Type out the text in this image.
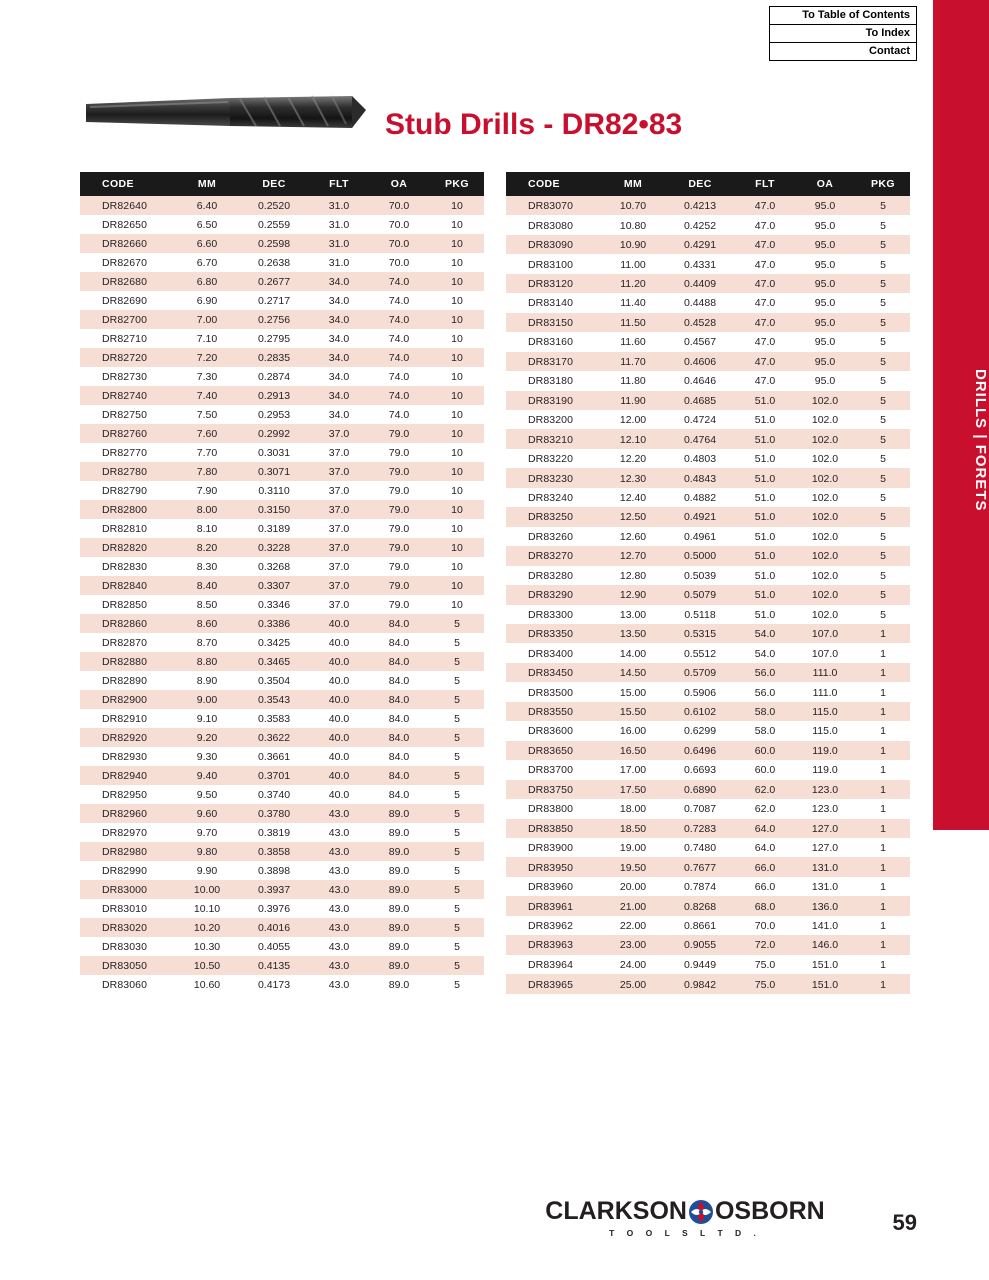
DRILLS | FORETS
To Table of Contents
To Index
Contact
Stub Drills - DR82•83
CODE	MM	DEC	FLT	OA	PKG
DR82640	6.40	0.2520	31.0	70.0	10
DR82650	6.50	0.2559	31.0	70.0	10
DR82660	6.60	0.2598	31.0	70.0	10
DR82670	6.70	0.2638	31.0	70.0	10
DR82680	6.80	0.2677	34.0	74.0	10
DR82690	6.90	0.2717	34.0	74.0	10
DR82700	7.00	0.2756	34.0	74.0	10
DR82710	7.10	0.2795	34.0	74.0	10
DR82720	7.20	0.2835	34.0	74.0	10
DR82730	7.30	0.2874	34.0	74.0	10
DR82740	7.40	0.2913	34.0	74.0	10
DR82750	7.50	0.2953	34.0	74.0	10
DR82760	7.60	0.2992	37.0	79.0	10
DR82770	7.70	0.3031	37.0	79.0	10
DR82780	7.80	0.3071	37.0	79.0	10
DR82790	7.90	0.3110	37.0	79.0	10
DR82800	8.00	0.3150	37.0	79.0	10
DR82810	8.10	0.3189	37.0	79.0	10
DR82820	8.20	0.3228	37.0	79.0	10
DR82830	8.30	0.3268	37.0	79.0	10
DR82840	8.40	0.3307	37.0	79.0	10
DR82850	8.50	0.3346	37.0	79.0	10
DR82860	8.60	0.3386	40.0	84.0	5
DR82870	8.70	0.3425	40.0	84.0	5
DR82880	8.80	0.3465	40.0	84.0	5
DR82890	8.90	0.3504	40.0	84.0	5
DR82900	9.00	0.3543	40.0	84.0	5
DR82910	9.10	0.3583	40.0	84.0	5
DR82920	9.20	0.3622	40.0	84.0	5
DR82930	9.30	0.3661	40.0	84.0	5
DR82940	9.40	0.3701	40.0	84.0	5
DR82950	9.50	0.3740	40.0	84.0	5
DR82960	9.60	0.3780	43.0	89.0	5
DR82970	9.70	0.3819	43.0	89.0	5
DR82980	9.80	0.3858	43.0	89.0	5
DR82990	9.90	0.3898	43.0	89.0	5
DR83000	10.00	0.3937	43.0	89.0	5
DR83010	10.10	0.3976	43.0	89.0	5
DR83020	10.20	0.4016	43.0	89.0	5
DR83030	10.30	0.4055	43.0	89.0	5
DR83050	10.50	0.4135	43.0	89.0	5
DR83060	10.60	0.4173	43.0	89.0	5
CODE	MM	DEC	FLT	OA	PKG
DR83070	10.70	0.4213	47.0	95.0	5
DR83080	10.80	0.4252	47.0	95.0	5
DR83090	10.90	0.4291	47.0	95.0	5
DR83100	11.00	0.4331	47.0	95.0	5
DR83120	11.20	0.4409	47.0	95.0	5
DR83140	11.40	0.4488	47.0	95.0	5
DR83150	11.50	0.4528	47.0	95.0	5
DR83160	11.60	0.4567	47.0	95.0	5
DR83170	11.70	0.4606	47.0	95.0	5
DR83180	11.80	0.4646	47.0	95.0	5
DR83190	11.90	0.4685	51.0	102.0	5
DR83200	12.00	0.4724	51.0	102.0	5
DR83210	12.10	0.4764	51.0	102.0	5
DR83220	12.20	0.4803	51.0	102.0	5
DR83230	12.30	0.4843	51.0	102.0	5
DR83240	12.40	0.4882	51.0	102.0	5
DR83250	12.50	0.4921	51.0	102.0	5
DR83260	12.60	0.4961	51.0	102.0	5
DR83270	12.70	0.5000	51.0	102.0	5
DR83280	12.80	0.5039	51.0	102.0	5
DR83290	12.90	0.5079	51.0	102.0	5
DR83300	13.00	0.5118	51.0	102.0	5
DR83350	13.50	0.5315	54.0	107.0	1
DR83400	14.00	0.5512	54.0	107.0	1
DR83450	14.50	0.5709	56.0	111.0	1
DR83500	15.00	0.5906	56.0	111.0	1
DR83550	15.50	0.6102	58.0	115.0	1
DR83600	16.00	0.6299	58.0	115.0	1
DR83650	16.50	0.6496	60.0	119.0	1
DR83700	17.00	0.6693	60.0	119.0	1
DR83750	17.50	0.6890	62.0	123.0	1
DR83800	18.00	0.7087	62.0	123.0	1
DR83850	18.50	0.7283	64.0	127.0	1
DR83900	19.00	0.7480	64.0	127.0	1
DR83950	19.50	0.7677	66.0	131.0	1
DR83960	20.00	0.7874	66.0	131.0	1
DR83961	21.00	0.8268	68.0	136.0	1
DR83962	22.00	0.8661	70.0	141.0	1
DR83963	23.00	0.9055	72.0	146.0	1
DR83964	24.00	0.9449	75.0	151.0	1
DR83965	25.00	0.9842	75.0	151.0	1
CLARKSON OSBORN
T O O L S L T D .	59
